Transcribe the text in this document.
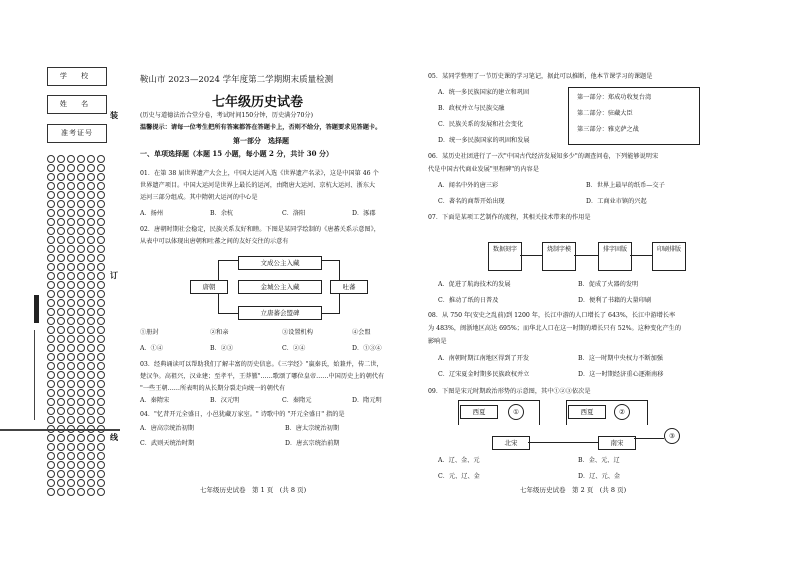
学 校
姓 名
准考证号
装
订
线
鞍山市 2023—2024 学年度第二学期期末质量检测
七年级历史试卷
(历史与道德法治合堂分卷，考试时间150分钟，历史满分70分)
温馨提示：请每一位考生把所有答案都答在答题卡上，否则不给分，答题要求见答题卡。
第一部分　选择题
一、单项选择题（本题 15 小题，每小题 2 分，共计 30 分）
01．在第 38 届世界遗产大会上，中国大运河入选《世界遗产名录》，这是中国第 46 个
世界遗产项目。中国大运河是世界上最长的运河，由隋唐大运河、京杭大运河、浙东大
运河三部分组成。其中隋朝大运河的中心是
A．扬州	B．余杭	C．洛阳	D．涿郡
02．唐朝时期社会稳定，民族关系友好和睦。下图是某同学绘制的《唐蕃关系示意图》，
从表中可以体现出唐朝和吐蕃之间的友好交往的示意有
唐朝	吐蕃
文成公主入藏
金城公主入藏
立唐蕃会盟碑
①册封	②和亲	③设置机构	④会盟
A．①④	B．②③	C．②④	D．①③④
03．经典诵读可以帮助我们了解丰富的历史信息。《三字经》"嬴秦氏，始兼并，传二世，
楚汉争。高祖兴，汉业建；至孝平，王莽篡"……歌颂了哪位皇帝……中国历史上的朝代有
"一些王朝……所表明的从长期分裂走向统一的朝代有
A．秦隋宋	B．汉元明	C．秦隋元	D．隋元明
04．"忆昔开元全盛日，小邑犹藏万家室。" 诗歌中的 "开元全盛日" 指的是
A．唐高宗统治初期	B．唐太宗统治初期
C．武则天统治时期	D．唐玄宗统治前期
七年级历史试卷　第 1 页　(共 8 页)
05．某同学整理了一节历史课的学习笔记，据此可以推断，他本节课学习的课题是
A．统一多民族国家的建立和巩固
B．政权并立与民族交融
C．民族关系的发展和社会变化
D．统一多民族国家的巩固和发展
第一部分：郑成功收复台湾
第二部分：驻藏大臣
第三部分：雅克萨之战
06．某历史社团进行了一次"中国古代经济发展知多少"的调查问卷，下列能够说明宋
代是中国古代商业发展"里程碑"的内容是
A．闻名中外的唐三彩	B．世界上最早的纸币—交子
C．著名的商帮开始出现	D．工商业市镇的兴起
07．下面是某项工艺制作的流程，其相关技术带来的作用是
数据刻字	烧制字模	排字固版	印刷排版
A．促进了航海技术的发展	B．促成了火器的发明
C．推动了纸的日普及	D．便利了书籍的大量印刷
08．从 750 年(安史之乱前)到 1200 年，长江中游的人口增长了 643%，长江中游增长率
为 483%，闽浙地区高达 695%；而华北人口在这一时期的增长只有 52%。这种变化产生的
影响是
A．南朝时期江南地区得到了开发	B．这一时期中央权力不断加强
C．辽宋夏金时期多民族政权并立	D．这一时期经济重心逐渐南移
09．下图是宋元时期政治形势的示意图，其中①②③依次是
西夏	①
北宋
西夏	②
南宋
③
A．辽、金、元	B．金、元、辽
C．元、辽、金	D．辽、元、金
七年级历史试卷　第 2 页　(共 8 页)
